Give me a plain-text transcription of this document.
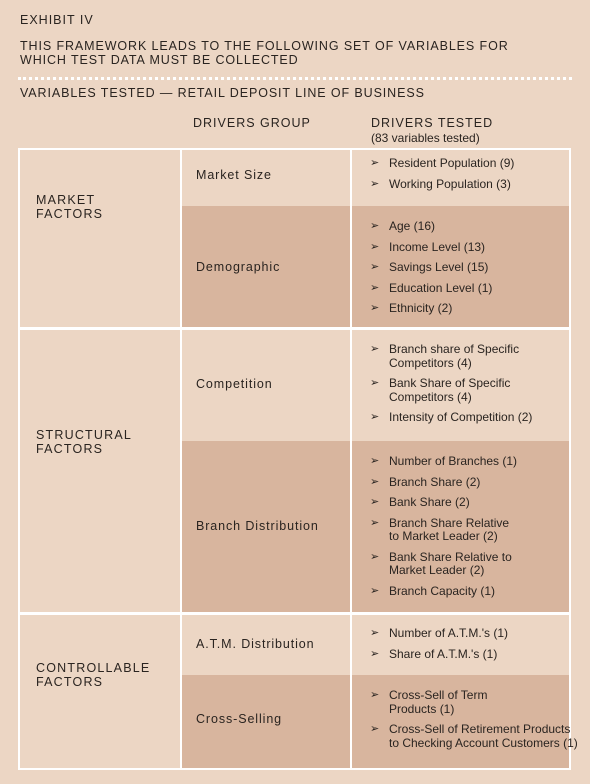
EXHIBIT IV
THIS FRAMEWORK LEADS TO THE FOLLOWING SET OF VARIABLES FOR
WHICH TEST DATA MUST BE COLLECTED
VARIABLES TESTED — RETAIL DEPOSIT LINE OF BUSINESS
DRIVERS GROUP	DRIVERS TESTED
(83 variables tested)
Market Size
Demographic
MARKET
FACTORS
➢ Resident Population (9)
➢ Working Population (3)
➢ Age (16)
➢ Income Level (13)
➢ Savings Level (15)
➢ Education Level (1)
➢ Ethnicity (2)
Competition
Branch Distribution
STRUCTURAL
FACTORS
➢ Branch share of Specific
Competitors (4)
➢ Bank Share of Specific
Competitors (4)
➢ Intensity of Competition (2)
➢ Number of Branches (1)
➢ Branch Share (2)
➢ Bank Share (2)
➢ Branch Share Relative
to Market Leader (2)
➢ Bank Share Relative to
Market Leader (2)
➢ Branch Capacity (1)
A.T.M. Distribution
Cross-Selling
CONTROLLABLE
FACTORS
➢ Number of A.T.M.'s (1)
➢ Share of A.T.M.'s (1)
➢ Cross-Sell of Term
Products (1)
➢ Cross-Sell of Retirement Products
to Checking Account Customers (1)
